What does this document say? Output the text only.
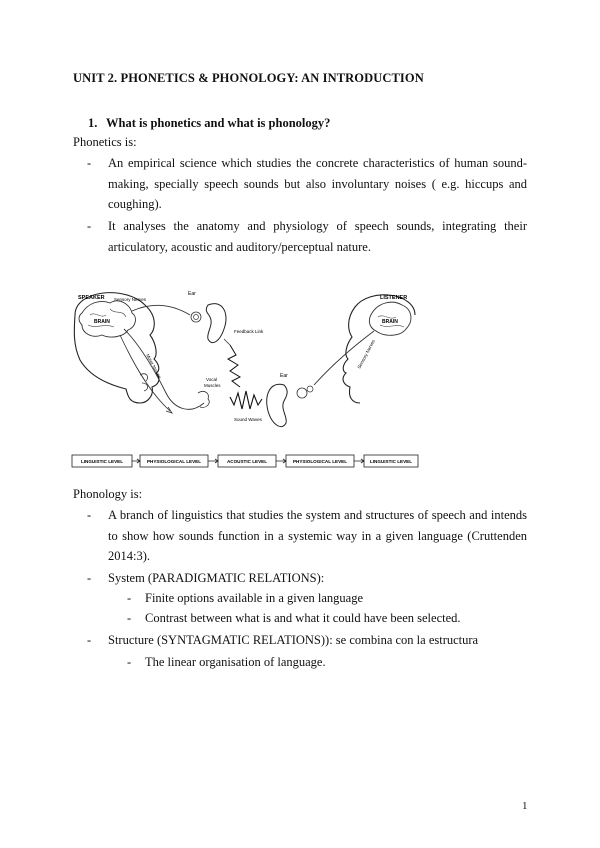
UNIT 2. PHONETICS & PHONOLOGY: AN INTRODUCTION
1. What is phonetics and what is phonology?
Phonetics is:
- An empirical science which studies the concrete characteristics of human sound-making, specially speech sounds but also involuntary noises ( e.g. hiccups and coughing).
- It analyses the anatomy and physiology of speech sounds, integrating their articulatory, acoustic and auditory/perceptual nature.
SPEAKER	LISTENER
BRAIN	BRAIN
Sensory Nerves
Ear
Feedback Link
Motor Nerves
Vocal
Muscles
Sound Waves
Ear
Sensory Nerves
LINGUISTIC LEVEL	PHYSIOLOGICAL LEVEL	ACOUSTIC LEVEL	PHYSIOLOGICAL LEVEL	LINGUISTIC LEVEL
Phonology is:
- A branch of linguistics that studies the system and structures of speech and intends to show how sounds function in a systemic way in a given language (Cruttenden 2014:3).
- System (PARADIGMATIC RELATIONS):
- Finite options available in a given language
- Contrast between what is and what it could have been selected.
- Structure (SYNTAGMATIC RELATIONS)): se combina con la estructura
- The linear organisation of language.
1
